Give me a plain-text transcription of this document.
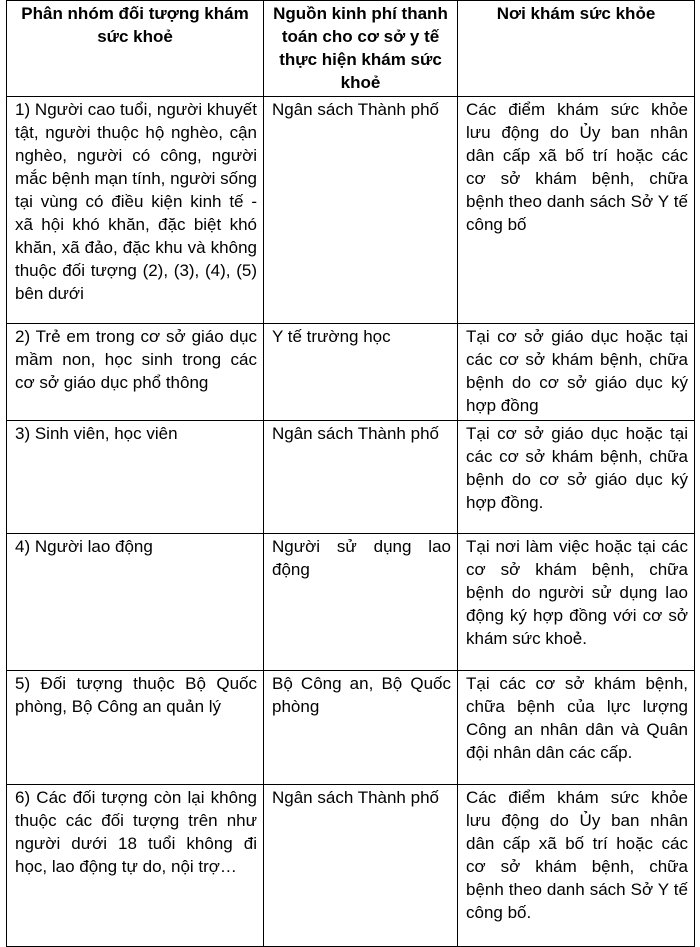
Phân nhóm đối tượng khám sức khoẻ	Nguồn kinh phí thanh toán cho cơ sở y tế thực hiện khám sức khoẻ	Nơi khám sức khỏe
1) Người cao tuổi, người khuyết tật, người thuộc hộ nghèo, cận nghèo, người có công, người mắc bệnh mạn tính, người sống tại vùng có điều kiện kinh tế - xã hội khó khăn, đặc biệt khó khăn, xã đảo, đặc khu và không thuộc đối tượng (2), (3), (4), (5) bên dưới	Ngân sách Thành phố	Các điểm khám sức khỏe lưu động do Ủy ban nhân dân cấp xã bố trí hoặc các cơ sở khám bệnh, chữa bệnh theo danh sách Sở Y tế công bố
2) Trẻ em trong cơ sở giáo dục mầm non, học sinh trong các cơ sở giáo dục phổ thông	Y tế trường học	Tại cơ sở giáo dục hoặc tại các cơ sở khám bệnh, chữa bệnh do cơ sở giáo dục ký hợp đồng
3) Sinh viên, học viên	Ngân sách Thành phố	Tại cơ sở giáo dục hoặc tại các cơ sở khám bệnh, chữa bệnh do cơ sở giáo dục ký hợp đồng.
4) Người lao động	Người sử dụng lao động	Tại nơi làm việc hoặc tại các cơ sở khám bệnh, chữa bệnh do người sử dụng lao động ký hợp đồng với cơ sở khám sức khoẻ.
5) Đối tượng thuộc Bộ Quốc phòng, Bộ Công an quản lý	Bộ Công an, Bộ Quốc phòng	Tại các cơ sở khám bệnh, chữa bệnh của lực lượng Công an nhân dân và Quân đội nhân dân các cấp.
6) Các đối tượng còn lại không thuộc các đối tượng trên như người dưới 18 tuổi không đi học, lao động tự do, nội trợ…	Ngân sách Thành phố	Các điểm khám sức khỏe lưu động do Ủy ban nhân dân cấp xã bố trí hoặc các cơ sở khám bệnh, chữa bệnh theo danh sách Sở Y tế công bố.
